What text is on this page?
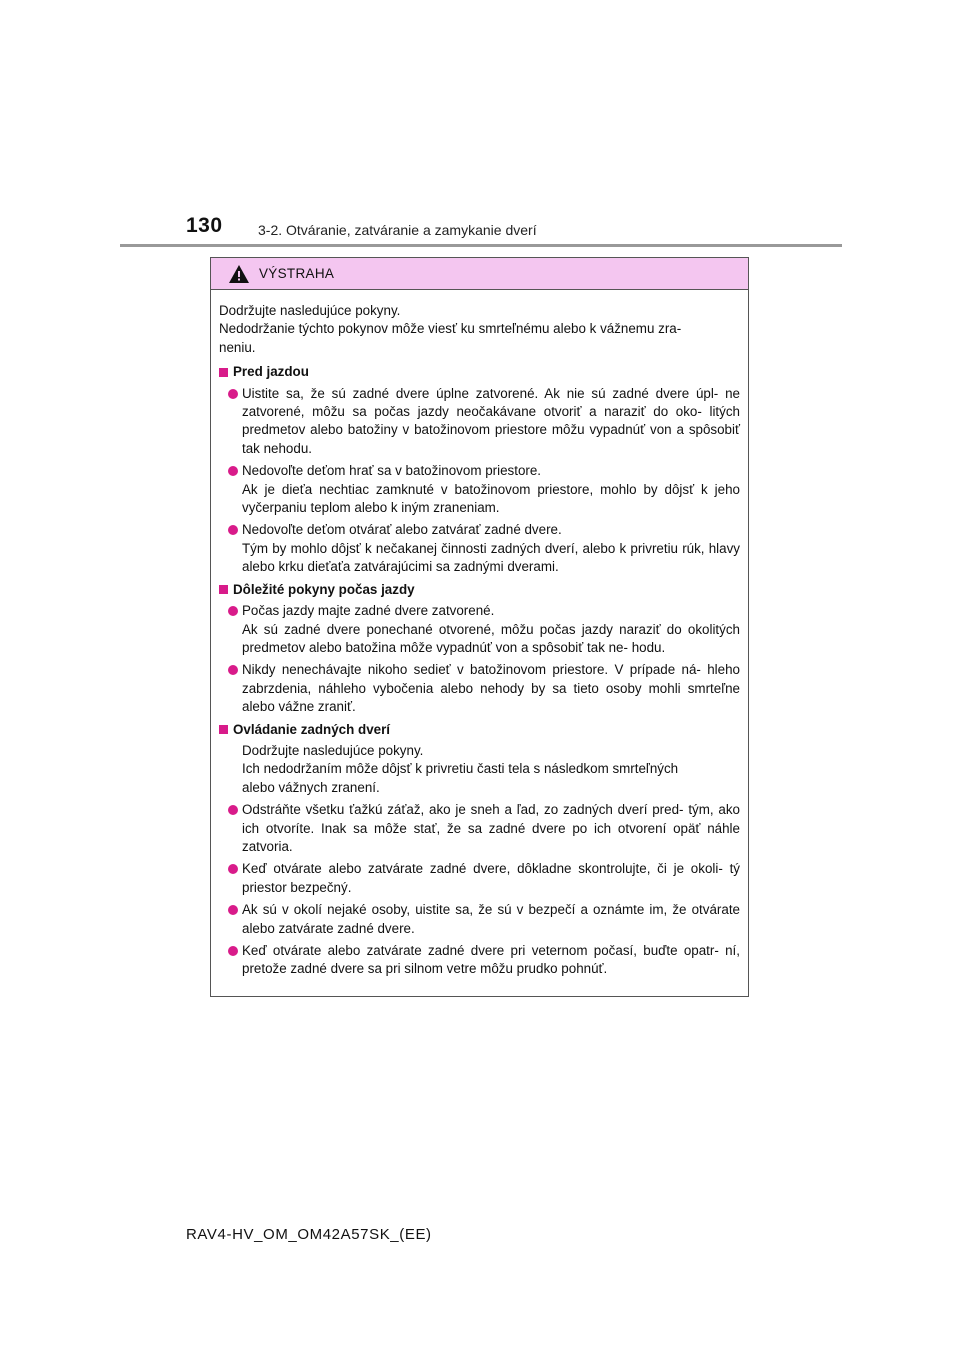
130	3-2. Otváranie, zatváranie a zamykanie dverí
VÝSTRAHA

Dodržujte nasledujúce pokyny.
Nedodržanie týchto pokynov môže viesť ku smrteľnému alebo k vážnemu zra-
neniu.

Pred jazdou

Uistite sa, že sú zadné dvere úplne zatvorené. Ak nie sú zadné dvere úpl- ne zatvorené, môžu sa počas jazdy neočakávane otvoriť a naraziť do oko- litých predmetov alebo batožiny v batožinovom priestore môžu vypadnúť von a spôsobiť tak nehodu.

Nedovoľte deťom hrať sa v batožinovom priestore.
Ak je dieťa nechtiac zamknuté v batožinovom priestore, mohlo by dôjsť k jeho vyčerpaniu teplom alebo k iným zraneniam.

Nedovoľte deťom otvárať alebo zatvárať zadné dvere.
Tým by mohlo dôjsť k nečakanej činnosti zadných dverí, alebo k privretiu rúk, hlavy alebo krku dieťaťa zatvárajúcimi sa zadnými dverami.

Dôležité pokyny počas jazdy

Počas jazdy majte zadné dvere zatvorené.
Ak sú zadné dvere ponechané otvorené, môžu počas jazdy naraziť do okolitých predmetov alebo batožina môže vypadnúť von a spôsobiť tak ne- hodu.

Nikdy nenechávajte nikoho sedieť v batožinovom priestore. V prípade ná- hleho zabrzdenia, náhleho vybočenia alebo nehody by sa tieto osoby mohli smrteľne alebo vážne zraniť.

Ovládanie zadných dverí

Dodržujte nasledujúce pokyny.
Ich nedodržaním môže dôjsť k privretiu časti tela s následkom smrteľných
alebo vážnych zranení.

Odstráňte všetku ťažkú záťaž, ako je sneh a ľad, zo zadných dverí pred- tým, ako ich otvoríte. Inak sa môže stať, že sa zadné dvere po ich otvorení opäť náhle zatvoria.

Keď otvárate alebo zatvárate zadné dvere, dôkladne skontrolujte, či je okoli- tý priestor bezpečný.

Ak sú v okolí nejaké osoby, uistite sa, že sú v bezpečí a oznámte im, že otvárate alebo zatvárate zadné dvere.

Keď otvárate alebo zatvárate zadné dvere pri veternom počasí, buďte opatr- ní, pretože zadné dvere sa pri silnom vetre môžu prudko pohnúť.

RAV4-HV_OM_OM42A57SK_(EE)
